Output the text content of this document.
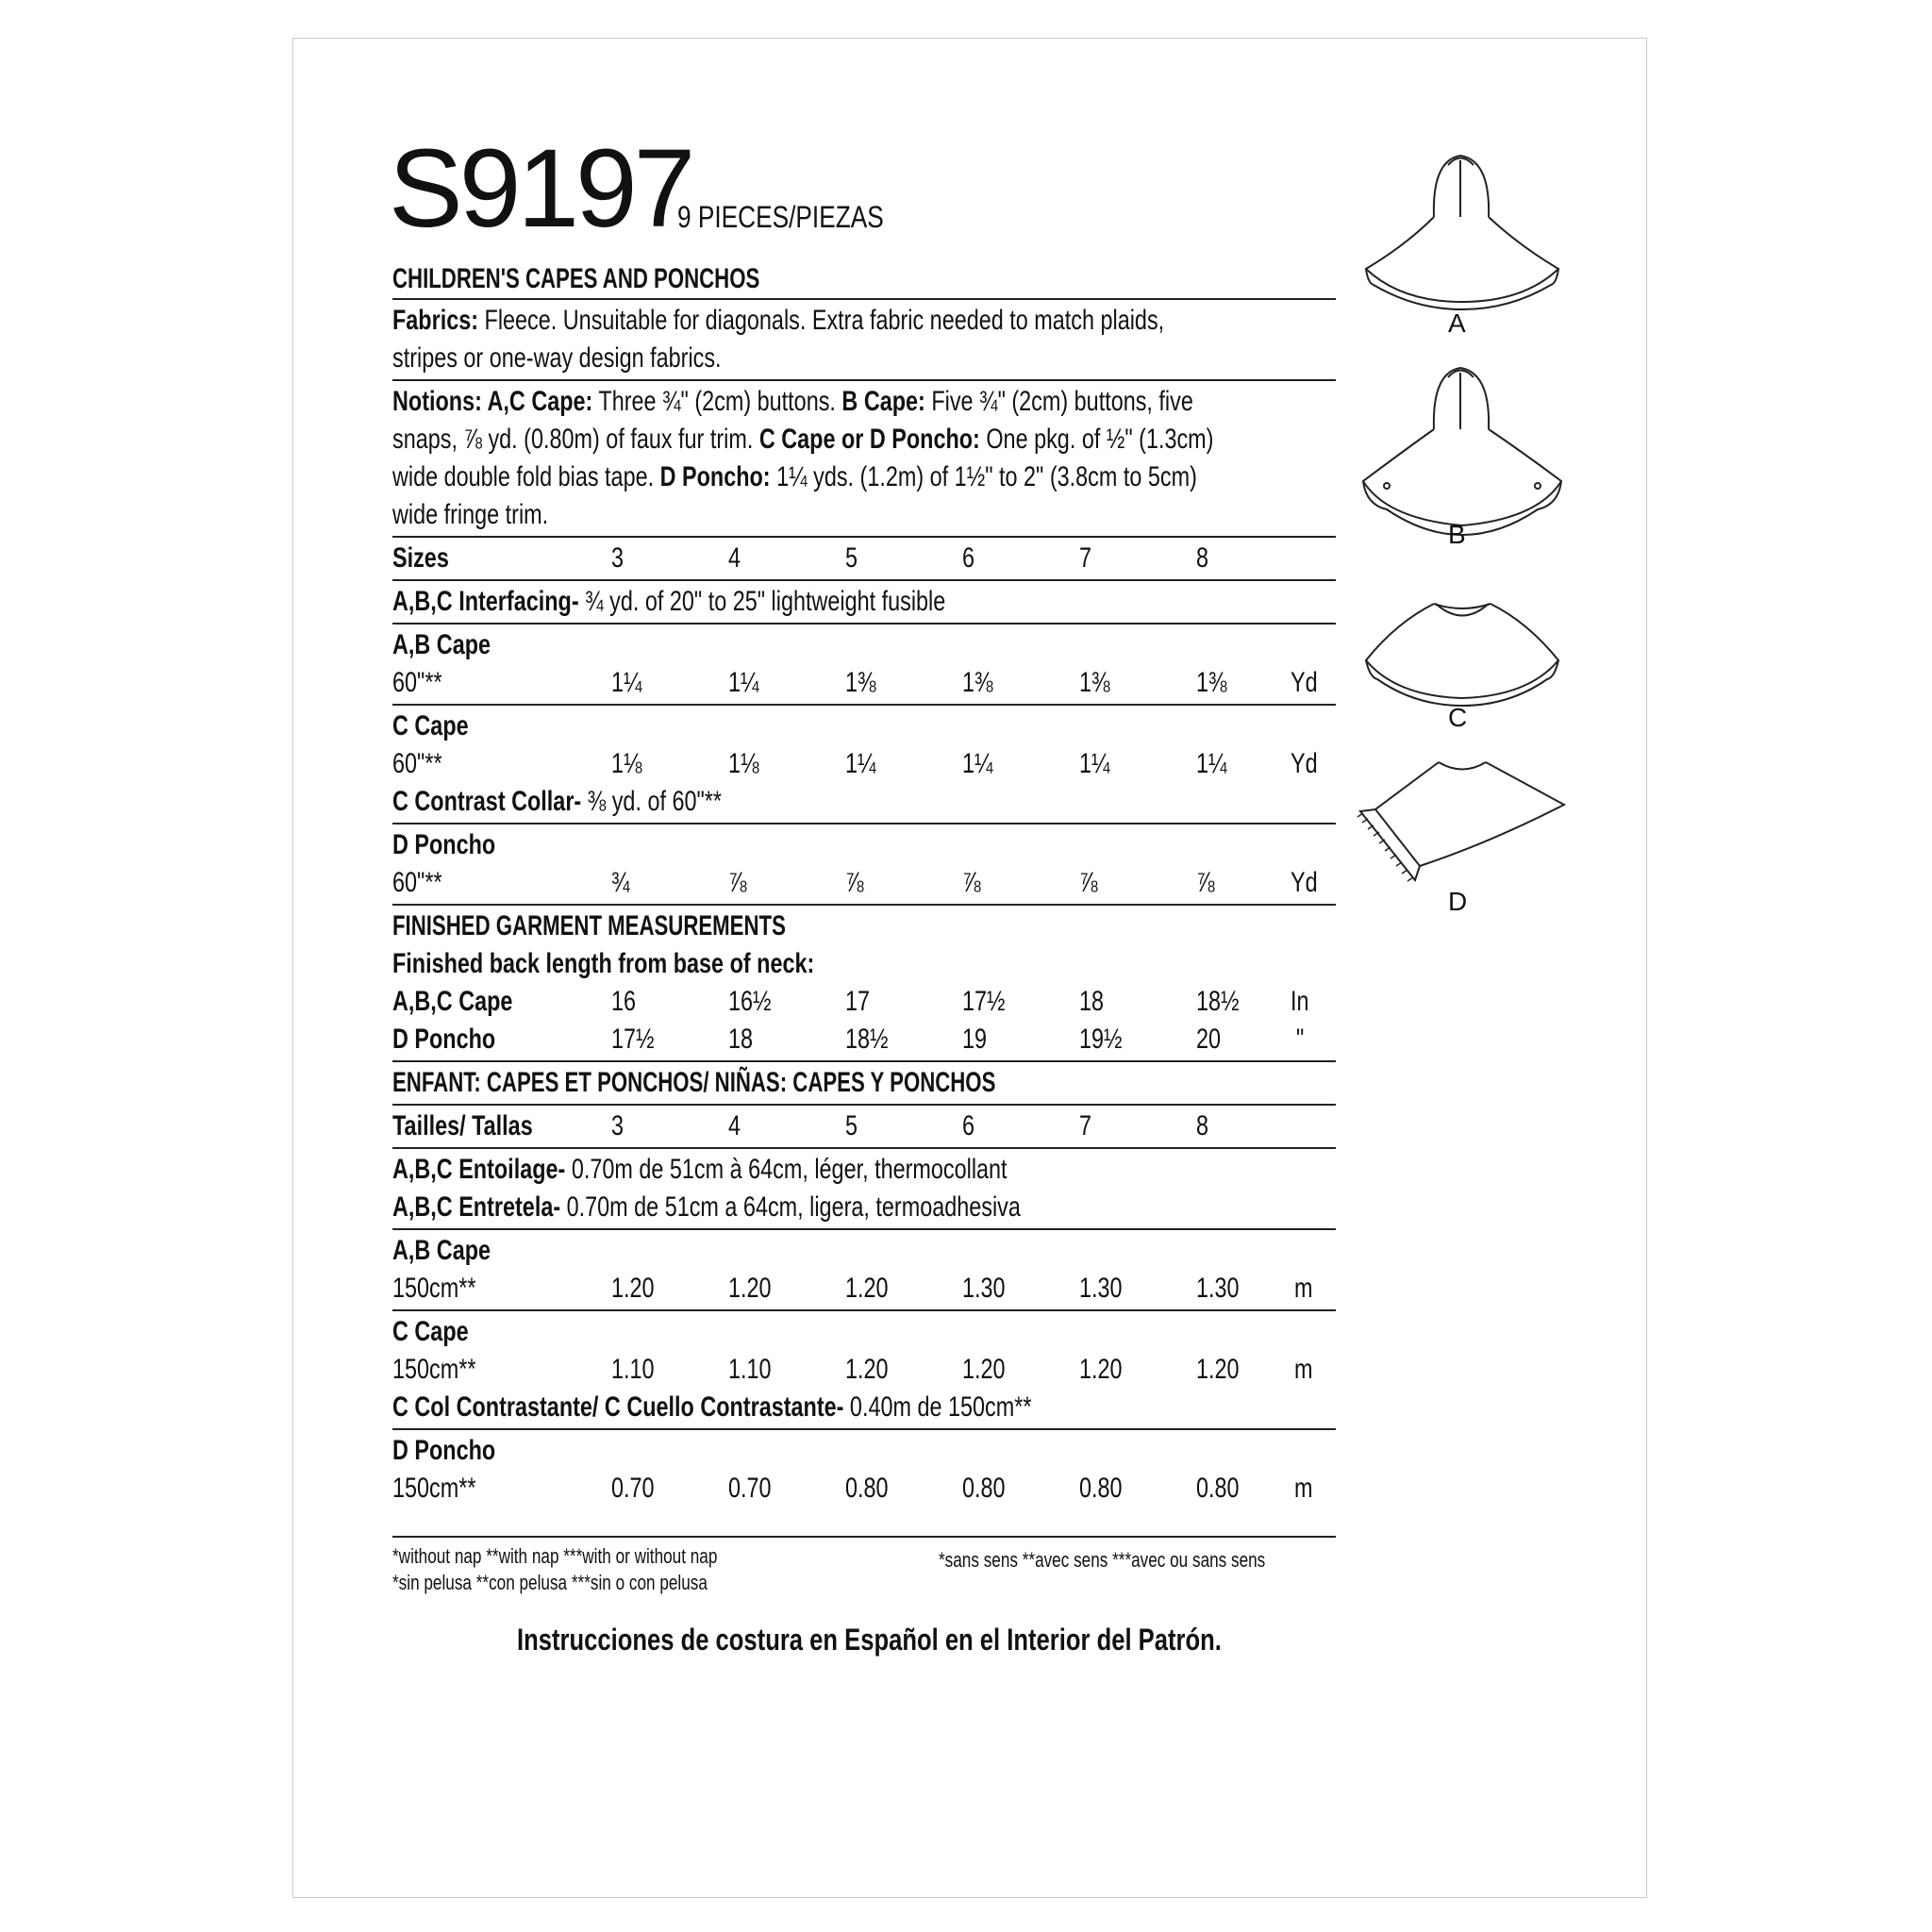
S9197
9 PIECES/PIEZAS
CHILDREN'S CAPES AND PONCHOS
Fabrics: Fleece. Unsuitable for diagonals. Extra fabric needed to match plaids,
stripes or one-way design fabrics.
Notions: A,C Cape: Three ¾" (2cm) buttons. B Cape: Five ¾" (2cm) buttons, five
snaps, ⅞ yd. (0.80m) of faux fur trim. C Cape or D Poncho: One pkg. of ½" (1.3cm)
wide double fold bias tape. D Poncho: 1¼ yds. (1.2m) of 1½" to 2" (3.8cm to 5cm)
wide fringe trim.
Sizes	3	4	5	6	7	8
A,B,C Interfacing- ¾ yd. of 20" to 25" lightweight fusible
A,B Cape
60"**	1¼	1¼	1⅜	1⅜	1⅜	1⅜ Yd
C Cape
60"**	1⅛	1⅛	1¼	1¼	1¼	1¼ Yd
C Contrast Collar- ⅜ yd. of 60"**
D Poncho
60"**	¾	⅞	⅞	⅞	⅞	⅞	Yd
FINISHED GARMENT MEASUREMENTS
Finished back length from base of neck:
A,B,C Cape	16	16½	17	17½	18	18½ In
D Poncho	17½	18	18½	19	19½	20	"
ENFANT: CAPES ET PONCHOS/ NIÑAS: CAPES Y PONCHOS
Tailles/ Tallas	3	4	5	6	7	8
A,B,C Entoilage- 0.70m de 51cm à 64cm, léger, thermocollant
A,B,C Entretela- 0.70m de 51cm a 64cm, ligera, termoadhesiva
A,B Cape
150cm**	1.20	1.20	1.20	1.30	1.30	1.30 m
C Cape
150cm**	1.10	1.10	1.20	1.20	1.20	1.20 m
C Col Contrastante/ C Cuello Contrastante- 0.40m de 150cm**
D Poncho
150cm**	0.70	0.70	0.80	0.80	0.80	0.80 m
*without nap **with nap ***with or without nap
*sin pelusa **con pelusa ***sin o con pelusa
*sans sens **avec sens ***avec ou sans sens
Instrucciones de costura en Español en el Interior del Patrón.
A
B
C
D
